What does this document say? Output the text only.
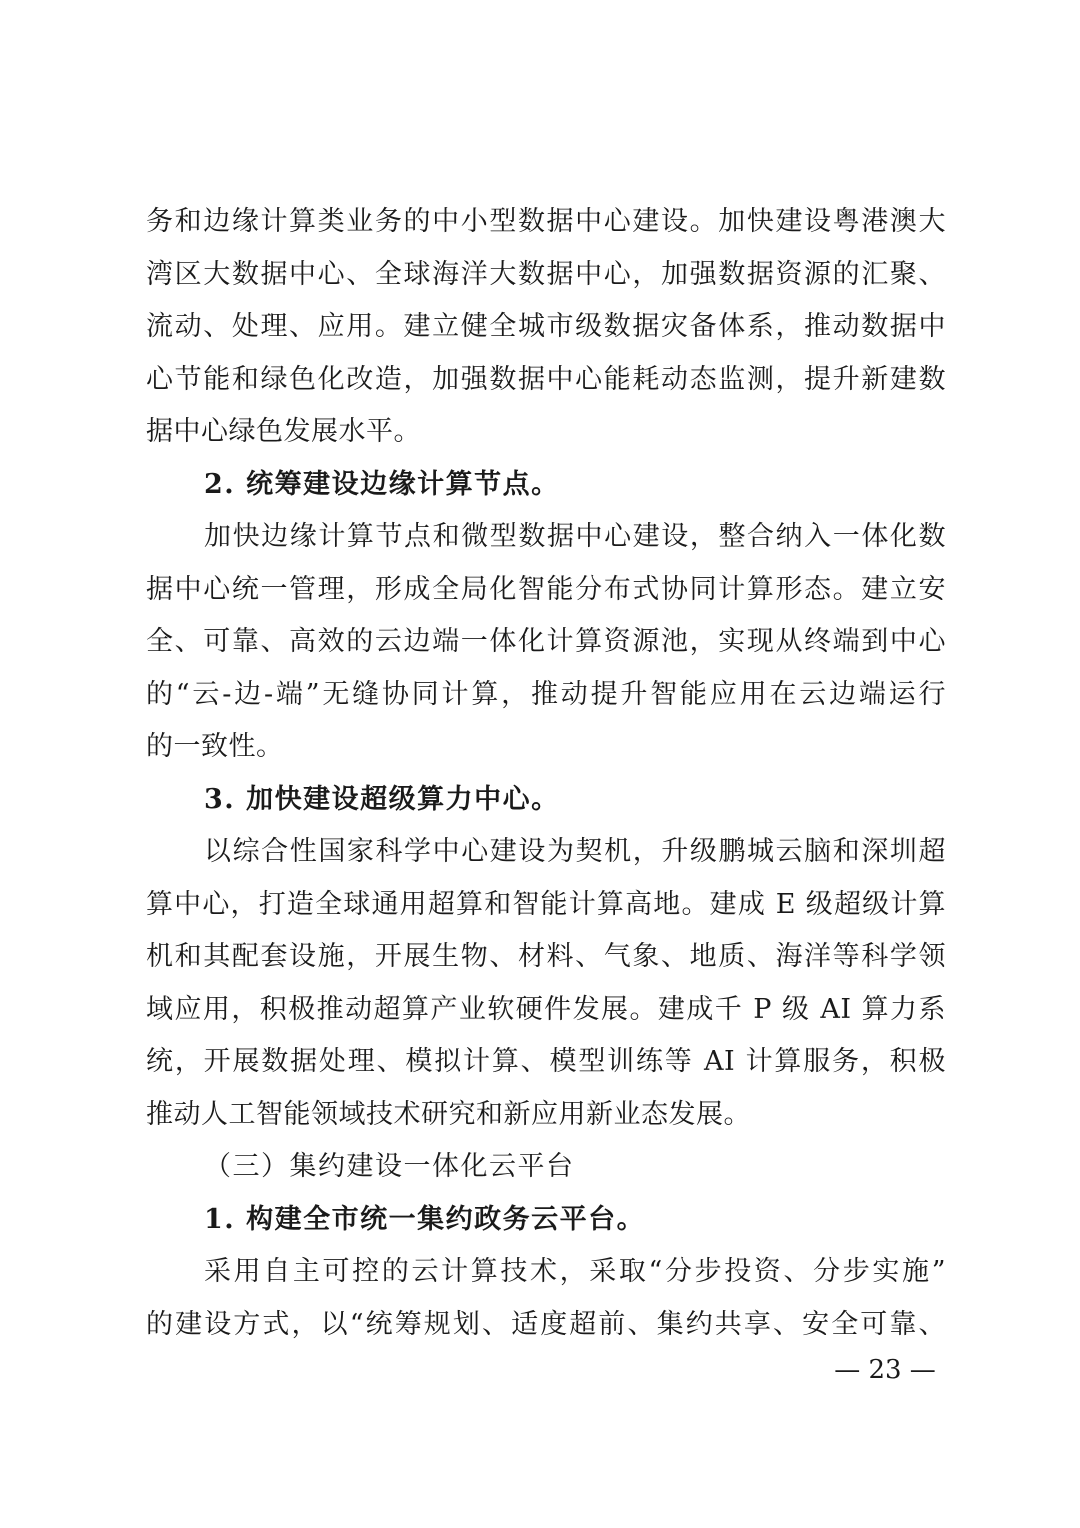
务和边缘计算类业务的中小型数据中心建设。加快建设粤港澳大
湾区大数据中心、全球海洋大数据中心，加强数据资源的汇聚、
流动、处理、应用。建立健全城市级数据灾备体系，推动数据中
心节能和绿色化改造，加强数据中心能耗动态监测，提升新建数
据中心绿色发展水平。
2. 统筹建设边缘计算节点。
加快边缘计算节点和微型数据中心建设，整合纳入一体化数
据中心统一管理，形成全局化智能分布式协同计算形态。建立安
全、可靠、高效的云边端一体化计算资源池，实现从终端到中心
的“云-边-端”无缝协同计算，推动提升智能应用在云边端运行
的一致性。
3. 加快建设超级算力中心。
以综合性国家科学中心建设为契机，升级鹏城云脑和深圳超
算中心，打造全球通用超算和智能计算高地。建成 E 级超级计算
机和其配套设施，开展生物、材料、气象、地质、海洋等科学领
域应用，积极推动超算产业软硬件发展。建成千 P 级 AI 算力系
统，开展数据处理、模拟计算、模型训练等 AI 计算服务，积极
推动人工智能领域技术研究和新应用新业态发展。
（三）集约建设一体化云平台
1. 构建全市统一集约政务云平台。
采用自主可控的云计算技术，采取“分步投资、分步实施”
的建设方式，以“统筹规划、适度超前、集约共享、安全可靠、
— 23 —
